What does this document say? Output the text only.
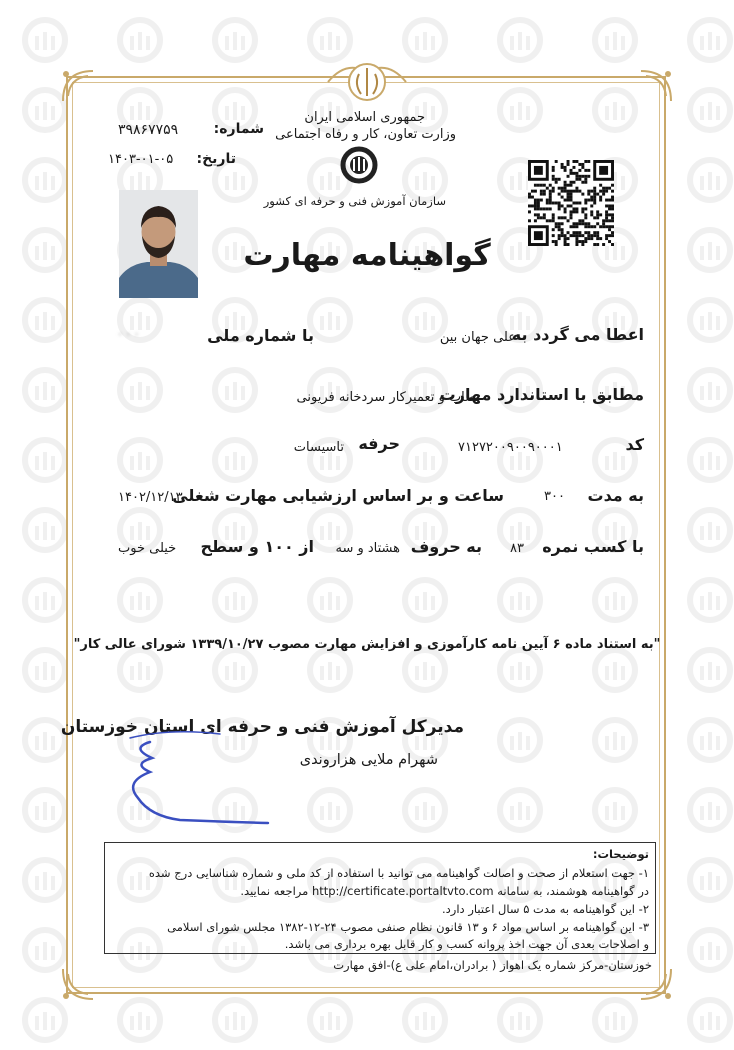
جمهوری اسلامی ایران
وزارت تعاون، کار و رفاه اجتماعی
سازمان آموزش فنی و حرفه ای کشور
شماره:
۳۹۸۶۷۷۵۹
تاریخ:
۱۴۰۳-۰۱-۰۵
گواهینامه مهارت
اعطا می گردد به
علی جهان بین
با شماره ملی
· · ·
مطابق با استاندارد مهارت
نصاب و تعمیرکار سردخانه فریونی
کد
۷۱۲۷۲۰۰۹۰۰۹۰۰۰۱
حرفه
تاسیسات
به مدت
۳۰۰
ساعت و بر اساس ارزشیابی مهارت شغلی
۱۴۰۲/۱۲/۱۳
با کسب نمره
۸۳
به حروف
هشتاد و سه
از ۱۰۰ و سطح
خیلی خوب
"به استناد ماده ۶ آیین نامه کارآموزی و افزایش مهارت مصوب ۱۳۳۹/۱۰/۲۷ شورای عالی کار"
مدیرکل آموزش فنی و حرفه ای استان خوزستان
شهرام ملایی هزاروندی
توضیحات:
۱- جهت استعلام از صحت و اصالت گواهینامه می توانید با استفاده از کد ملی و شماره شناسایی درج شده
در گواهینامه هوشمند، به سامانه http://certificate.portaltvto.com مراجعه نمایید.
۲- این گواهینامه به مدت ۵ سال اعتبار دارد.
۳- این گواهینامه بر اساس مواد ۶ و ۱۳ قانون نظام صنفی مصوب ۲۴-۱۲-۱۳۸۲ مجلس شورای اسلامی
و اصلاحات بعدی آن جهت اخذ پروانه کسب و کار قابل بهره برداری می باشد.
خوزستان-مرکز شماره یک اهواز ( برادران،امام علی ع)-افق مهارت
